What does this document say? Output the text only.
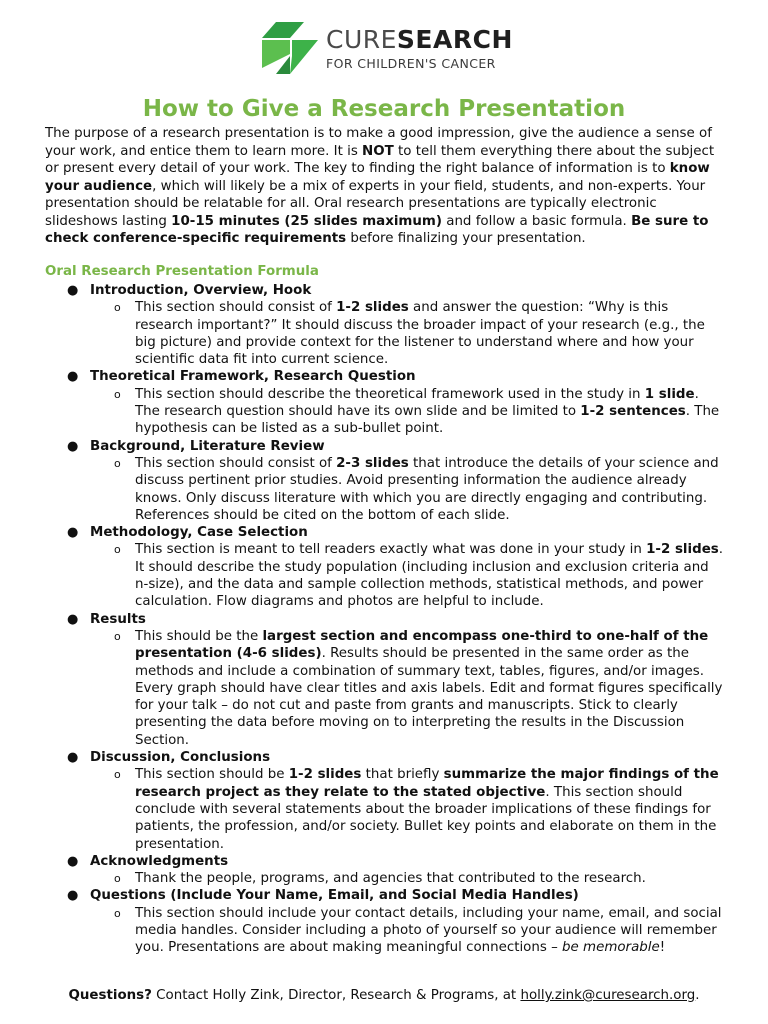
CURESEARCH
FOR CHILDREN'S CANCER
How to Give a Research Presentation

The purpose of a research presentation is to make a good impression, give the audience a sense of your work, and entice them to learn more. It is NOT to tell them everything there about the subject or present every detail of your work. The key to finding the right balance of information is to know your audience, which will likely be a mix of experts in your field, students, and non-experts. Your presentation should be relatable for all. Oral research presentations are typically electronic slideshows lasting 10-15 minutes (25 slides maximum) and follow a basic formula. Be sure to check conference-specific requirements before finalizing your presentation.

Oral Research Presentation Formula

● Introduction, Overview, Hook
o This section should consist of 1-2 slides and answer the question: “Why is this research important?” It should discuss the broader impact of your research (e.g., the big picture) and provide context for the listener to understand where and how your scientific data fit into current science.
● Theoretical Framework, Research Question
o This section should describe the theoretical framework used in the study in 1 slide. The research question should have its own slide and be limited to 1-2 sentences. The hypothesis can be listed as a sub-bullet point.
● Background, Literature Review
o This section should consist of 2-3 slides that introduce the details of your science and discuss pertinent prior studies. Avoid presenting information the audience already knows. Only discuss literature with which you are directly engaging and contributing. References should be cited on the bottom of each slide.
● Methodology, Case Selection
o This section is meant to tell readers exactly what was done in your study in 1-2 slides. It should describe the study population (including inclusion and exclusion criteria and n-size), and the data and sample collection methods, statistical methods, and power calculation. Flow diagrams and photos are helpful to include.
● Results
o This should be the largest section and encompass one-third to one-half of the presentation (4-6 slides). Results should be presented in the same order as the methods and include a combination of summary text, tables, figures, and/or images. Every graph should have clear titles and axis labels. Edit and format figures specifically for your talk – do not cut and paste from grants and manuscripts. Stick to clearly presenting the data before moving on to interpreting the results in the Discussion Section.
● Discussion, Conclusions
o This section should be 1-2 slides that briefly summarize the major findings of the research project as they relate to the stated objective. This section should conclude with several statements about the broader implications of these findings for patients, the profession, and/or society. Bullet key points and elaborate on them in the presentation.
● Acknowledgments
o Thank the people, programs, and agencies that contributed to the research.
● Questions (Include Your Name, Email, and Social Media Handles)
o This section should include your contact details, including your name, email, and social media handles. Consider including a photo of yourself so your audience will remember you. Presentations are about making meaningful connections – be memorable!
Questions? Contact Holly Zink, Director, Research & Programs, at holly.zink@curesearch.org.
